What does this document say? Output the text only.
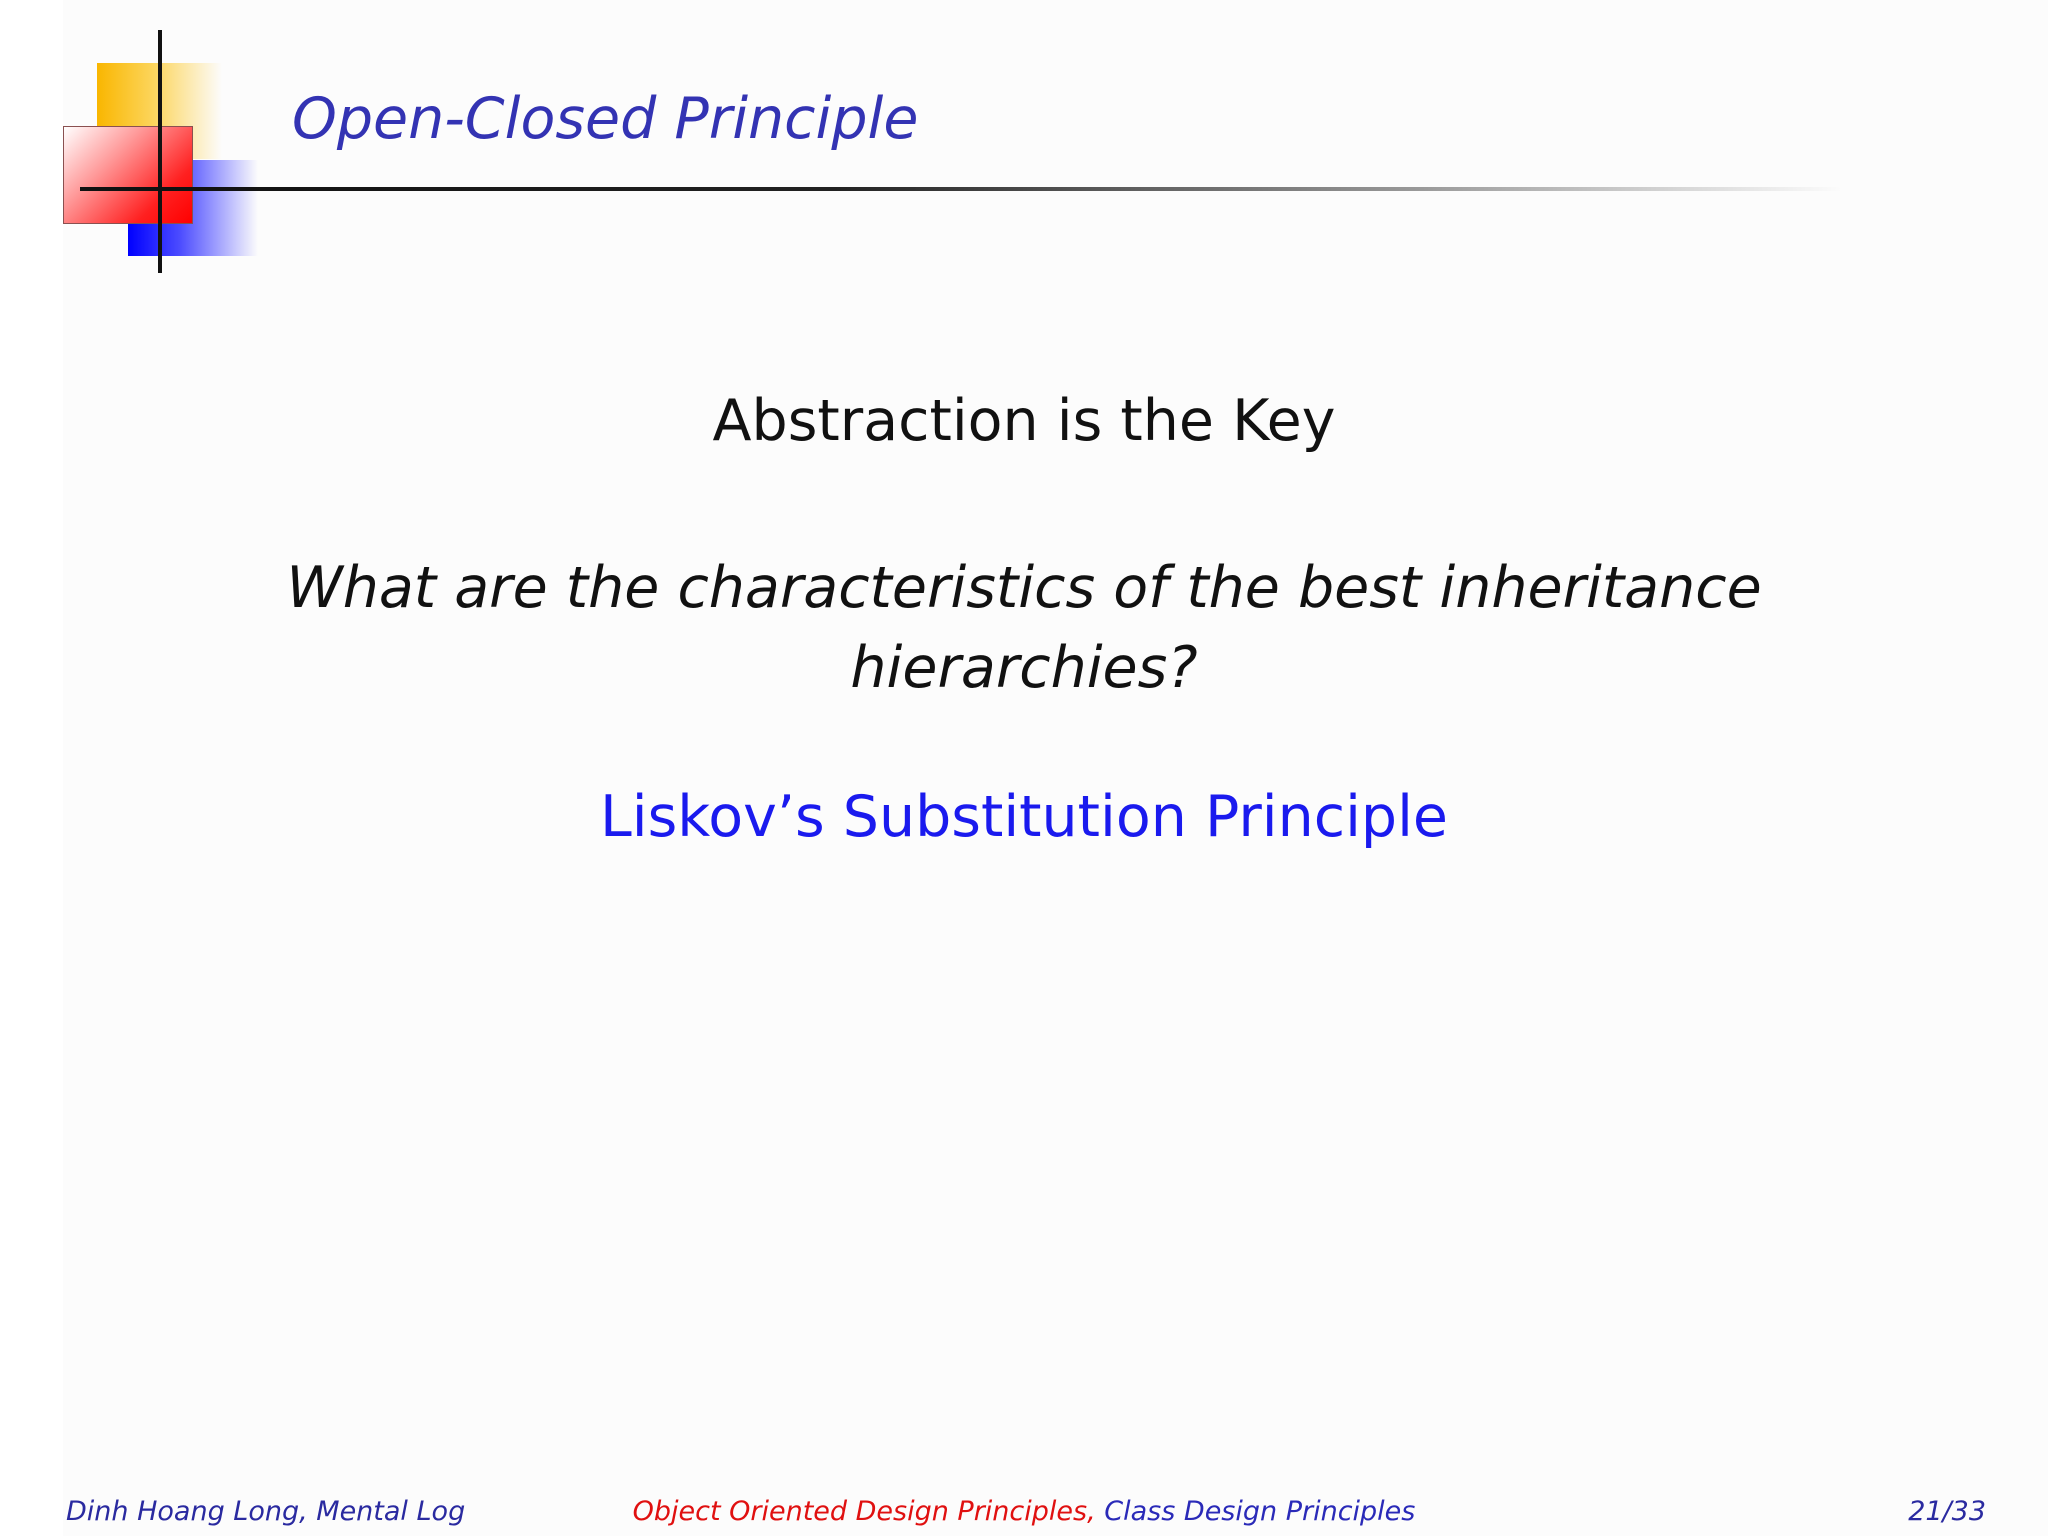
Open-Closed Principle
Abstraction is the Key
What are the characteristics of the best inheritance
hierarchies?
Liskov’s Substitution Principle
Dinh Hoang Long, Mental Log	Object Oriented Design Principles, Class Design Principles	21/33
